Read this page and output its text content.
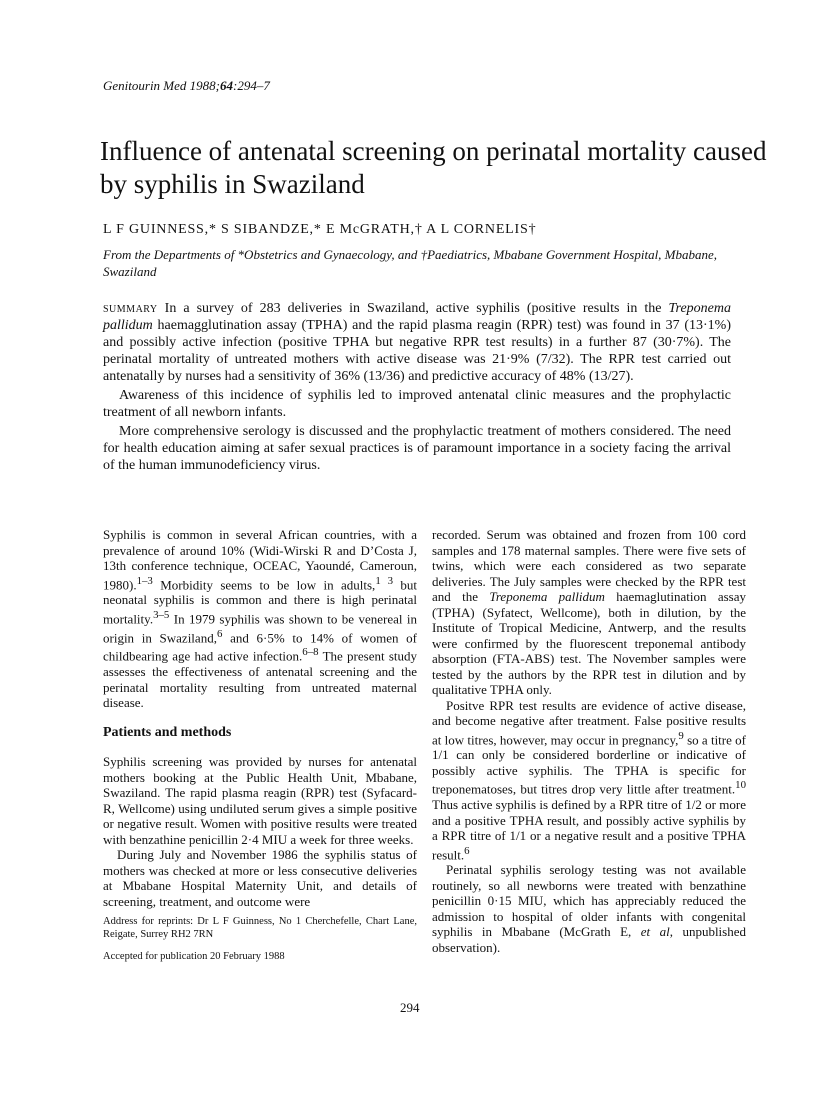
Genitourin Med 1988;64:294–7
Influence of antenatal screening on perinatal mortality caused by syphilis in Swaziland
L F GUINNESS,* S SIBANDZE,* E McGRATH,† A L CORNELIS†
From the Departments of *Obstetrics and Gynaecology, and †Paediatrics, Mbabane Government Hospital, Mbabane, Swaziland

summary In a survey of 283 deliveries in Swaziland, active syphilis (positive results in the Treponema pallidum haemagglutination assay (TPHA) and the rapid plasma reagin (RPR) test) was found in 37 (13·1%) and possibly active infection (positive TPHA but negative RPR test results) in a further 87 (30·7%). The perinatal mortality of untreated mothers with active disease was 21·9% (7/32). The RPR test carried out antenatally by nurses had a sensitivity of 36% (13/36) and predictive accuracy of 48% (13/27).

Awareness of this incidence of syphilis led to improved antenatal clinic measures and the prophylactic treatment of all newborn infants.

More comprehensive serology is discussed and the prophylactic treatment of mothers considered. The need for health education aiming at safer sexual practices is of paramount importance in a society facing the arrival of the human immunodeficiency virus.

Syphilis is common in several African countries, with a prevalence of around 10% (Widi-Wirski R and D’Costa J, 13th conference technique, OCEAC, Yaoundé, Cameroun, 1980).$^{1-3}$ Morbidity seems to be low in adults,$^{1 3}$ but neonatal syphilis is common and there is high perinatal mortality.$^{3-5}$ In 1979 syphilis was shown to be venereal in origin in Swaziland,$^6$ and 6·5% to 14% of women of childbearing age had active infection.$^{6-8}$ The present study assesses the effectiveness of antenatal screening and the perinatal mortality resulting from untreated maternal disease.

Patients and methods

Syphilis screening was provided by nurses for antenatal mothers booking at the Public Health Unit, Mbabane, Swaziland. The rapid plasma reagin (RPR) test (Syfacard-R, Wellcome) using undiluted serum gives a simple positive or negative result. Women with positive results were treated with benzathine penicillin 2·4 MIU a week for three weeks.

During July and November 1986 the syphilis status of mothers was checked at more or less consecutive deliveries at Mbabane Hospital Maternity Unit, and details of screening, treatment, and outcome were

Address for reprints: Dr L F Guinness, No 1 Cherchefelle, Chart Lane, Reigate, Surrey RH2 7RN

Accepted for publication 20 February 1988

recorded. Serum was obtained and frozen from 100 cord samples and 178 maternal samples. There were five sets of twins, which were each considered as two separate deliveries. The July samples were checked by the RPR test and the Treponema pallidum haemaglutination assay (TPHA) (Syfatect, Wellcome), both in dilution, by the Institute of Tropical Medicine, Antwerp, and the results were confirmed by the fluorescent treponemal antibody absorption (FTA-ABS) test. The November samples were tested by the authors by the RPR test in dilution and by qualitative TPHA only.

Positve RPR test results are evidence of active disease, and become negative after treatment. False positive results at low titres, however, may occur in pregnancy,$^9$ so a titre of 1/1 can only be considered borderline or indicative of possibly active syphilis. The TPHA is specific for treponematoses, but titres drop very little after treatment.$^{10}$ Thus active syphilis is defined by a RPR titre of 1/2 or more and a positive TPHA result, and possibly active syphilis by a RPR titre of 1/1 or a negative result and a positive TPHA result.$^6$

Perinatal syphilis serology testing was not available routinely, so all newborns were treated with benzathine penicillin 0·15 MIU, which has appreciably reduced the admission to hospital of older infants with congenital syphilis in Mbabane (McGrath E, et al, unpublished observation).

294
